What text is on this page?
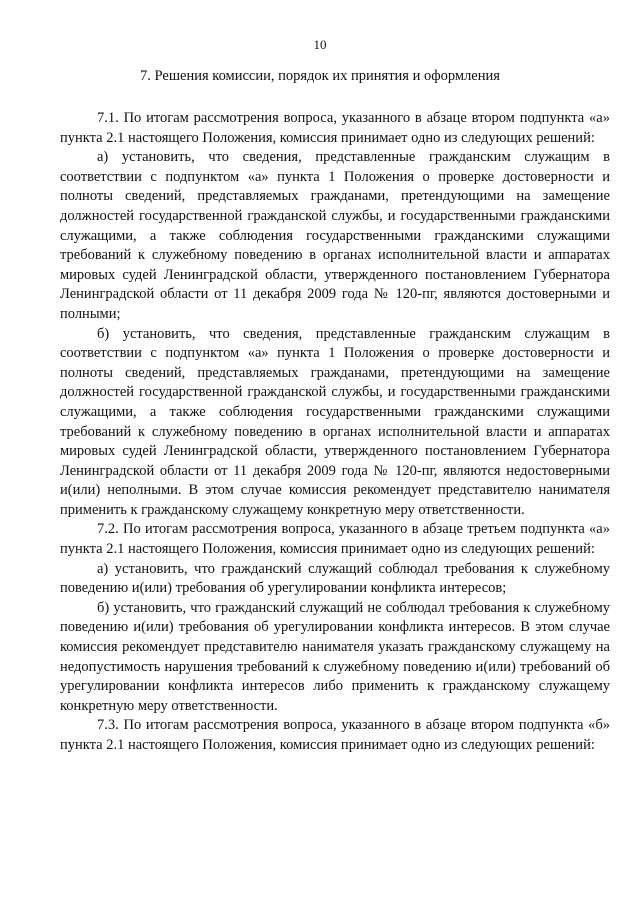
10
7. Решения комиссии, порядок их принятия и оформления

7.1. По итогам рассмотрения вопроса, указанного в абзаце втором подпункта «а» пункта 2.1 настоящего Положения, комиссия принимает одно из следующих решений:

а) установить, что сведения, представленные гражданским служащим в соответствии с подпунктом «а» пункта 1 Положения о проверке достоверности и полноты сведений, представляемых гражданами, претендующими на замещение должностей государственной гражданской службы, и государственными гражданскими служащими, а также соблюдения государственными гражданскими служащими требований к служебному поведению в органах исполнительной власти и аппаратах мировых судей Ленинградской области, утвержденного постановлением Губернатора Ленинградской области от 11 декабря 2009 года № 120-пг, являются достоверными и полными;

б) установить, что сведения, представленные гражданским служащим в соответствии с подпунктом «а» пункта 1 Положения о проверке достоверности и полноты сведений, представляемых гражданами, претендующими на замещение должностей государственной гражданской службы, и государственными гражданскими служащими, а также соблюдения государственными гражданскими служащими требований к служебному поведению в органах исполнительной власти и аппаратах мировых судей Ленинградской области, утвержденного постановлением Губернатора Ленинградской области от 11 декабря 2009 года № 120-пг, являются недостоверными и(или) неполными. В этом случае комиссия рекомендует представителю нанимателя применить к гражданскому служащему конкретную меру ответственности.

7.2. По итогам рассмотрения вопроса, указанного в абзаце третьем подпункта «а» пункта 2.1 настоящего Положения, комиссия принимает одно из следующих решений:

а) установить, что гражданский служащий соблюдал требования к служебному поведению и(или) требования об урегулировании конфликта интересов;

б) установить, что гражданский служащий не соблюдал требования к служебному поведению и(или) требования об урегулировании конфликта интересов. В этом случае комиссия рекомендует представителю нанимателя указать гражданскому служащему на недопустимость нарушения требований к служебному поведению и(или) требований об урегулировании конфликта интересов либо применить к гражданскому служащему конкретную меру ответственности.

7.3. По итогам рассмотрения вопроса, указанного в абзаце втором подпункта «б» пункта 2.1 настоящего Положения, комиссия принимает одно из следующих решений:
